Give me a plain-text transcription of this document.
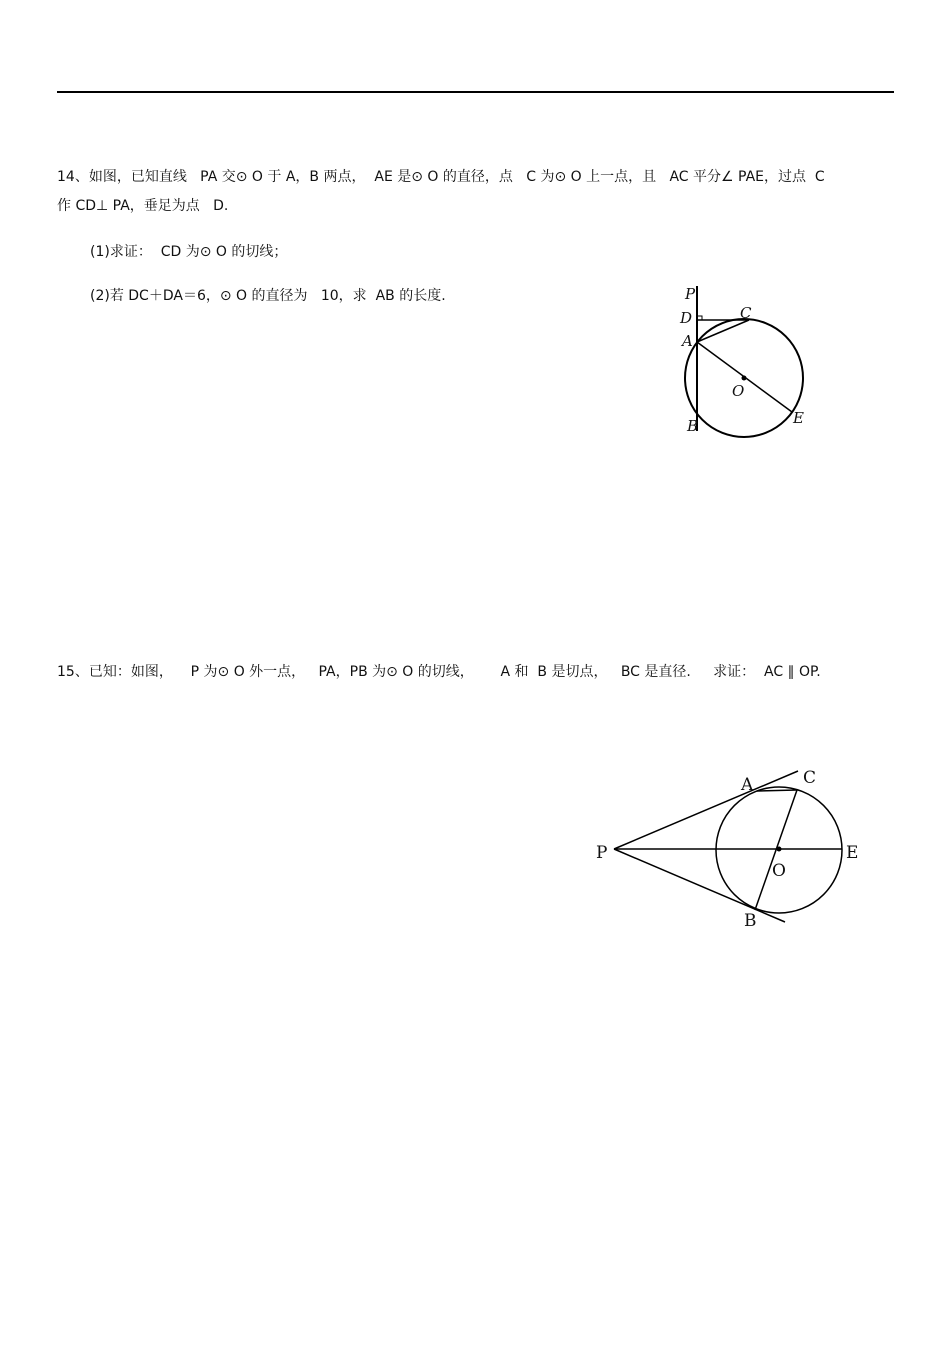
14、如图，已知直线   PA 交⊙ O 于 A，B 两点，  AE 是⊙ O 的直径，点   C 为⊙ O 上一点，且   AC 平分∠ PAE，过点  C
作 CD⊥ PA，垂足为点   D.
(1)求证：  CD 为⊙ O 的切线；
(2)若 DC＋DA＝6，⊙ O 的直径为   10，求  AB 的长度.	P
D	C
A
O
B	E
15、已知：如图，    P 为⊙ O 外一点，   PA，PB 为⊙ O 的切线，      A 和  B 是切点，   BC 是直径.     求证：  AC ∥ OP.
A	C
P	E
O
B
